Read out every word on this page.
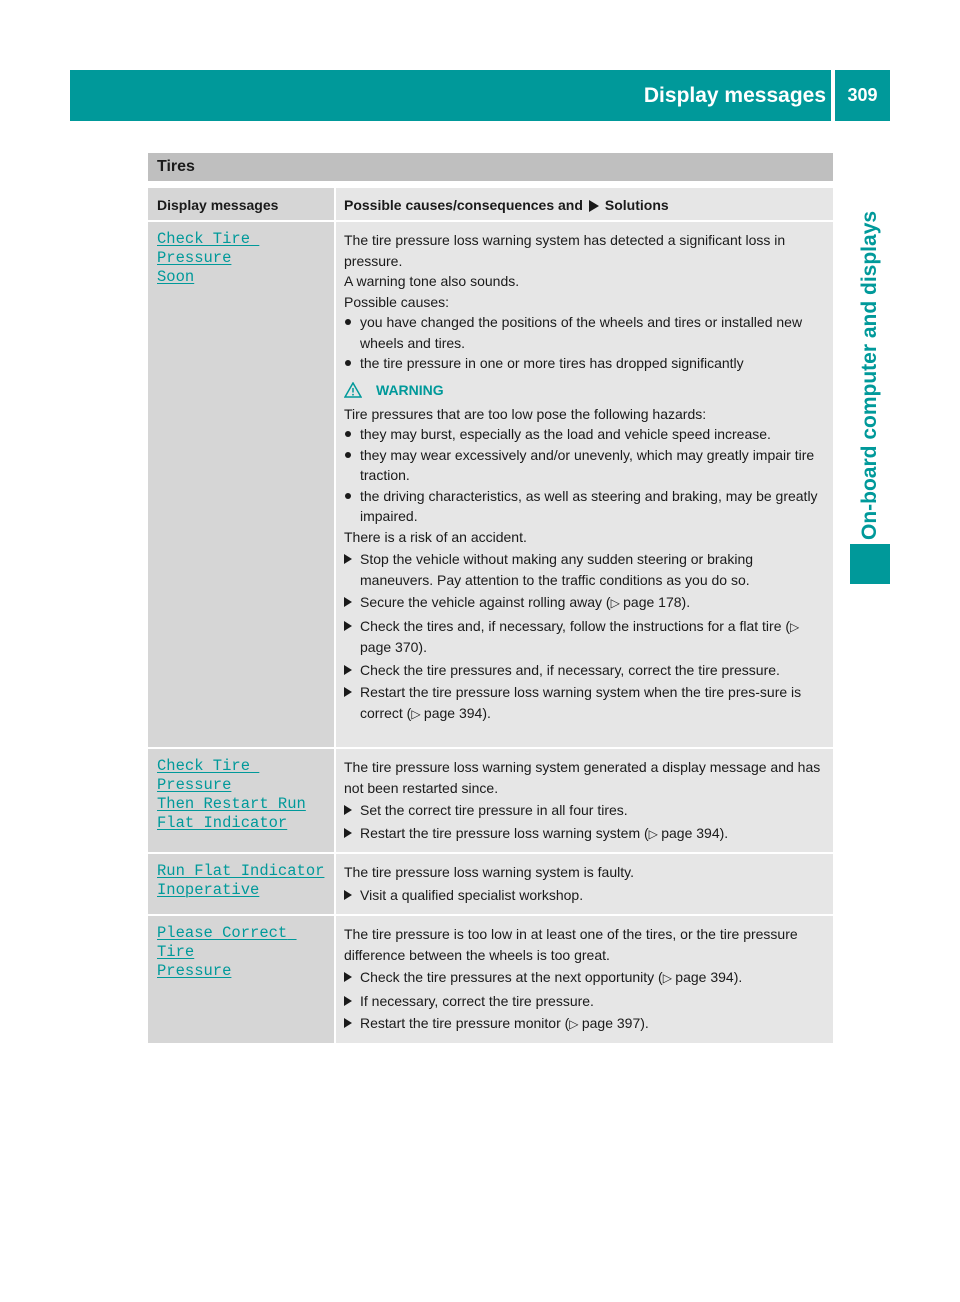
Display messages	309
On-board computer and displays
Tires
Display messages	Possible causes/consequences and Solutions
Check Tire Pressure
Soon
The tire pressure loss warning system has detected a significant loss in pressure.
A warning tone also sounds.
Possible causes:
you have changed the positions of the wheels and tires or installed new wheels and tires.
the tire pressure in one or more tires has dropped significantly
WARNING
Tire pressures that are too low pose the following hazards:
they may burst, especially as the load and vehicle speed increase.
they may wear excessively and/or unevenly, which may greatly impair tire traction.
the driving characteristics, as well as steering and braking, may be greatly impaired.
There is a risk of an accident.
Stop the vehicle without making any sudden steering or braking maneuvers. Pay attention to the traffic conditions as you do so.
Secure the vehicle against rolling away (▷ page 178).
Check the tires and, if necessary, follow the instructions for a flat tire (▷ page 370).
Check the tire pressures and, if necessary, correct the tire pressure.
Restart the tire pressure loss warning system when the tire pres-sure is correct (▷ page 394).
Check Tire Pressure
Then Restart Run
Flat Indicator
The tire pressure loss warning system generated a display message and has not been restarted since.
Set the correct tire pressure in all four tires.
Restart the tire pressure loss warning system (▷ page 394).
Run Flat Indicator
Inoperative
The tire pressure loss warning system is faulty.
Visit a qualified specialist workshop.
Please Correct Tire
Pressure
The tire pressure is too low in at least one of the tires, or the tire pressure difference between the wheels is too great.
Check the tire pressures at the next opportunity (▷ page 394).
If necessary, correct the tire pressure.
Restart the tire pressure monitor (▷ page 397).
